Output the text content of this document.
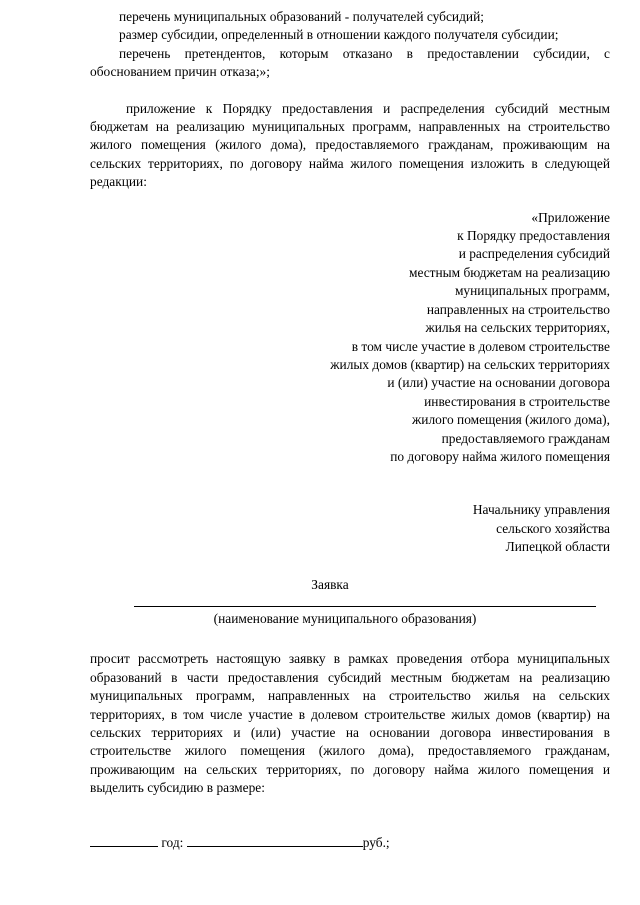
перечень муниципальных образований - получателей субсидий;

размер субсидии, определенный в отношении каждого получателя субсидии;

перечень претендентов, которым отказано в предоставлении субсидии, с обоснованием причин отказа;»;

приложение к Порядку предоставления и распределения субсидий местным бюджетам на реализацию муниципальных программ, направленных на строительство жилого помещения (жилого дома), предоставляемого гражданам, проживающим на сельских территориях, по договору найма жилого помещения изложить в следующей редакции:

«Приложение

к Порядку предоставления

и распределения субсидий

местным бюджетам на реализацию

муниципальных программ,

направленных на строительство

жилья на сельских территориях,

в том числе участие в долевом строительстве

жилых домов (квартир) на сельских территориях

и (или) участие на основании договора

инвестирования в строительстве

жилого помещения (жилого дома),

предоставляемого гражданам

по договору найма жилого помещения

Начальнику управления

сельского хозяйства

Липецкой области

Заявка

(наименование муниципального образования)

просит рассмотреть настоящую заявку в рамках проведения отбора муниципальных образований в части предоставления субсидий местным бюджетам на реализацию муниципальных программ, направленных на строительство жилья на сельских территориях, в том числе участие в долевом строительстве жилых домов (квартир) на сельских территориях и (или) участие на основании договора инвестирования в строительстве жилого помещения (жилого дома), предоставляемого гражданам, проживающим на сельских территориях, по договору найма жилого помещения и выделить субсидию в размере:

год:	руб.;
